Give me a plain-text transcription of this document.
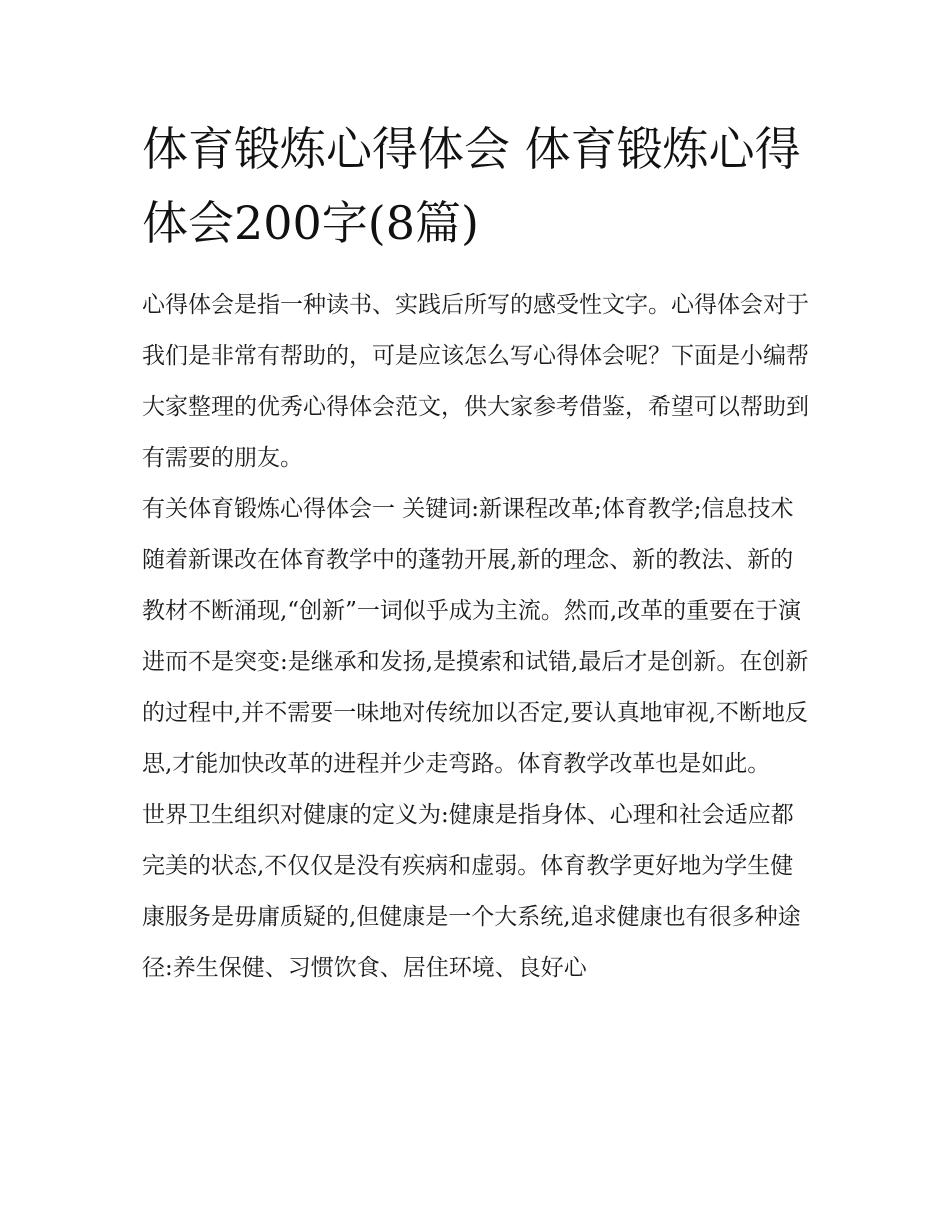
体育锻炼心得体会 体育锻炼心得体会200字(8篇)

心得体会是指一种读书、实践后所写的感受性文字。心得体会对于我们是非常有帮助的，可是应该怎么写心得体会呢？下面是小编帮大家整理的优秀心得体会范文，供大家参考借鉴，希望可以帮助到有需要的朋友。

有关体育锻炼心得体会一 关键词:新课程改革;体育教学;信息技术

随着新课改在体育教学中的蓬勃开展,新的理念、新的教法、新的教材不断涌现,“创新”一词似乎成为主流。然而,改革的重要在于演进而不是突变:是继承和发扬,是摸索和试错,最后才是创新。在创新的过程中,并不需要一味地对传统加以否定,要认真地审视,不断地反思,才能加快改革的进程并少走弯路。体育教学改革也是如此。

世界卫生组织对健康的定义为:健康是指身体、心理和社会适应都完美的状态,不仅仅是没有疾病和虚弱。体育教学更好地为学生健康服务是毋庸质疑的,但健康是一个大系统,追求健康也有很多种途径:养生保健、习惯饮食、居住环境、良好心
